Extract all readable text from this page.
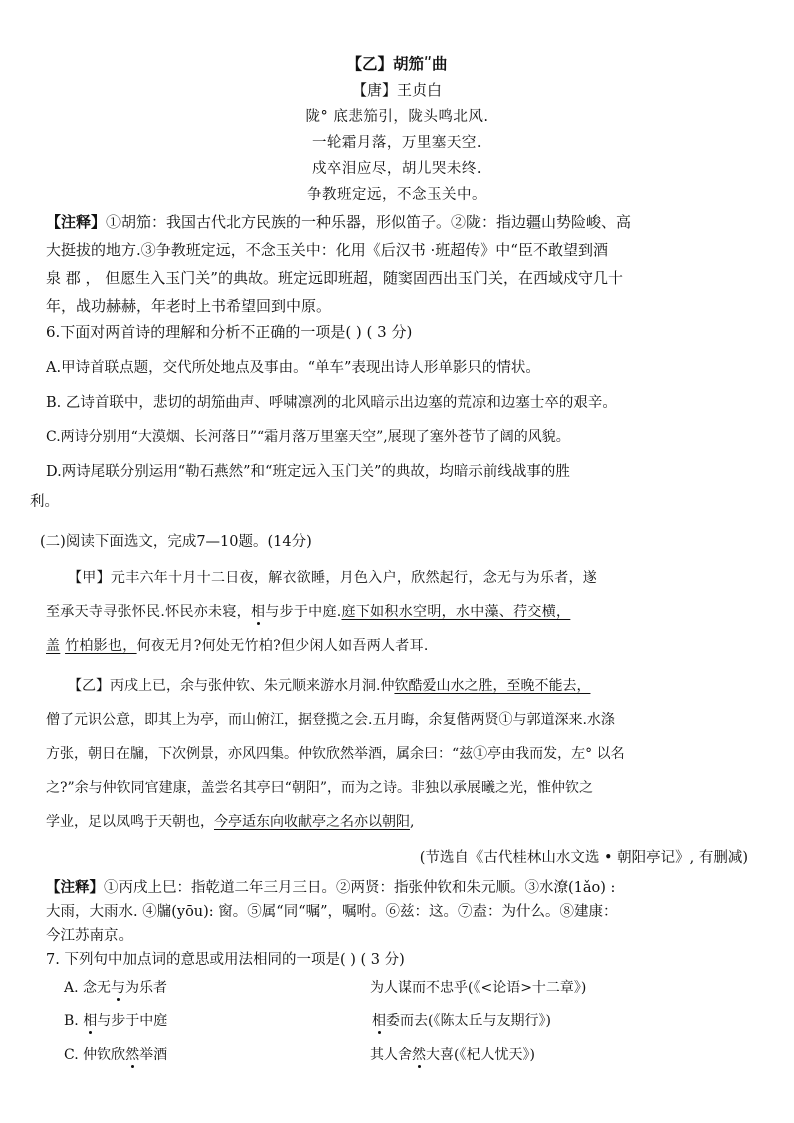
【乙】胡笳ʺ曲
【唐】王贞白
陇° 底悲笳引，陇头鸣北风.
一轮霜月落，万里塞天空.
戍卒泪应尽，胡儿哭未终.
争教班定远，不念玉关中。
【注释】①胡笳：我国古代北方民族的一种乐器，形似笛子。②陇：指边疆山势险峻、高
大挺拔的地方.③争教班定远，不念玉关中：化用《后汉书 ·班超传》中“臣不敢望到酒
泉 郡 ， 但愿生入玉门关”的典故。班定远即班超，随窦固西出玉门关，在西域戍守几十
年，战功赫赫，年老时上书希望回到中原。
6.下面对两首诗的理解和分析不正确的一项是( ) ( 3 分)
A.甲诗首联点题，交代所处地点及事由。“单车”表现出诗人形单影只的情状。
B. 乙诗首联中，悲切的胡笳曲声、呼啸凛冽的北风暗示出边塞的荒凉和边塞士卒的艰辛。
C.两诗分别用“大漠烟、长河落日”“霜月落万里塞天空”,展现了塞外苍节了阔的风貌。
D.两诗尾联分别运用“勒石燕然”和“班定远入玉门关”的典故，均暗示前线战事的胜
利。
(二)阅读下面选文，完成7—10题。(14分)
【甲】元丰六年十月十二日夜，解衣欲睡，月色入户，欣然起行，念无与为乐者，遂
至承天寺寻张怀民.怀民亦未寝，相与步于中庭.庭下如积水空明，水中藻、荇交横，
盖 竹柏影也，何夜无月?何处无竹柏?但少闲人如吾两人者耳.
【乙】丙戌上已，余与张仲钦、朱元顺来游水月洞.仲钦酷爱山水之胜，至晚不能去，
僧了元识公意，即其上为亭，而山俯江，据登揽之会.五月晦，余复偕两贤①与郭道深来.水涤
方张，朝日在牖，下次例景，亦风四集。仲钦欣然举酒，属余曰：“兹①亭由我而发，左° 以名
之?”余与仲钦同官建康，盖尝名其亭曰“朝阳”，而为之诗。非独以承展曦之光，惟仲钦之
学业，足以凤鸣于天朝也，今亭适东向收献亭之名亦以朝阳,
(节选自《古代桂林山水文选 • 朝阳亭记》, 有删减)
【注释】①丙戌上巳：指乾道二年三月三日。②两贤：指张仲钦和朱元顺。③水潦(1ǎo) :
大雨，大雨水. ④牖(yōu): 窗。⑤属“同“嘱”，嘱咐。⑥兹：这。⑦盍：为什么。⑧建康：
今江苏南京。
7. 下列句中加点词的意思或用法相同的一项是( ) ( 3 分)
A. 念无与为乐者	为人谋而不忠乎(《<论语>十二章》)
B. 相与步于中庭	相委而去(《陈太丘与友期行》)
C. 仲钦欣然举酒	其人舍然大喜(《杞人忧天》)
